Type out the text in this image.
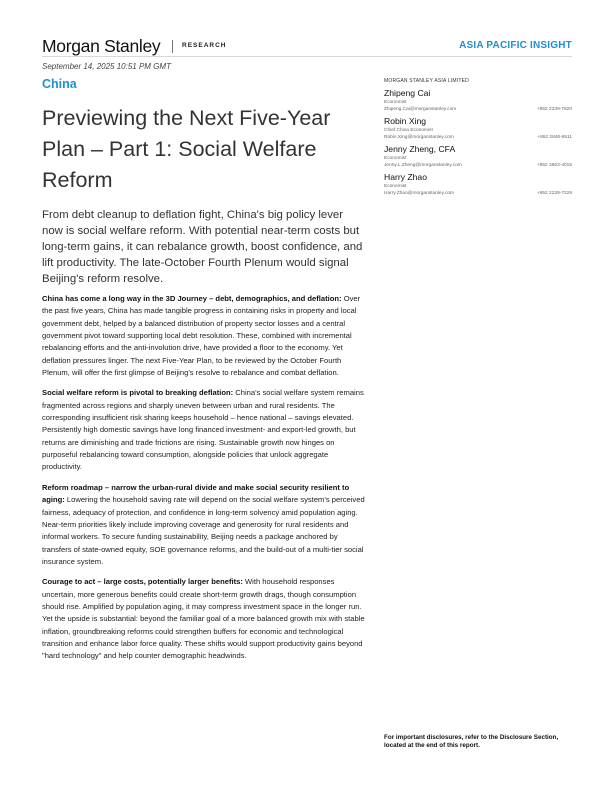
Morgan Stanley	RESEARCH	ASIA PACIFIC INSIGHT
September 14, 2025 10:51 PM GMT
China
Previewing the Next Five-Year Plan – Part 1: Social Welfare Reform

From debt cleanup to deflation fight, China's big policy lever now is social welfare reform. With potential near-term costs but long-term gains, it can rebalance growth, boost confidence, and lift productivity. The late-October Fourth Plenum would signal Beijing's reform resolve.

China has come a long way in the 3D Journey – debt, demographics, and deflation: Over the past five years, China has made tangible progress in containing risks in property and local government debt, helped by a balanced distribution of property sector losses and a central government pivot toward supporting local debt resolution. These, combined with incremental rebalancing efforts and the anti-involution drive, have provided a floor to the economy. Yet deflation pressures linger. The next Five-Year Plan, to be reviewed by the October Fourth Plenum, will offer the first glimpse of Beijing's resolve to rebalance and combat deflation.

Social welfare reform is pivotal to breaking deflation: China's social welfare system remains fragmented across regions and sharply uneven between urban and rural residents. The corresponding insufficient risk sharing keeps household – hence national – savings elevated. Persistently high domestic savings have long financed investment- and export-led growth, but returns are diminishing and trade frictions are rising. Sustainable growth now hinges on purposeful rebalancing toward consumption, alongside policies that unlock aggregate productivity.

Reform roadmap – narrow the urban-rural divide and make social security resilient to aging: Lowering the household saving rate will depend on the social welfare system's perceived fairness, adequacy of protection, and confidence in long-term solvency amid population aging. Near-term priorities likely include improving coverage and generosity for rural residents and informal workers. To secure funding sustainability, Beijing needs a package anchored by transfers of state-owned equity, SOE governance reforms, and the build-out of a multi-tier social insurance system.

Courage to act – large costs, potentially larger benefits: With household responses uncertain, more generous benefits could create short-term growth drags, though consumption should rise. Amplified by population aging, it may compress investment space in the longer run. Yet the upside is substantial: beyond the familiar goal of a more balanced growth mix with stable inflation, groundbreaking reforms could strengthen buffers for economic and technological transition and enhance labor force quality. These shifts would support productivity gains beyond "hard technology" and help counter demographic headwinds.

MORGAN STANLEY ASIA LIMITED
Zhipeng Cai
Economist
Zhipeng.Cai@morganstanley.com	+852 2239-7820
Robin Xing
Chief China Economist
Robin.Xing@morganstanley.com	+852 2848-6511
Jenny Zheng, CFA
Economist
Jenny.L.Zheng@morganstanley.com	+852 3963-4015
Harry Zhao
Economist
Harry.Zhao@morganstanley.com	+852 2239-7229

For important disclosures, refer to the Disclosure Section, located at the end of this report.
